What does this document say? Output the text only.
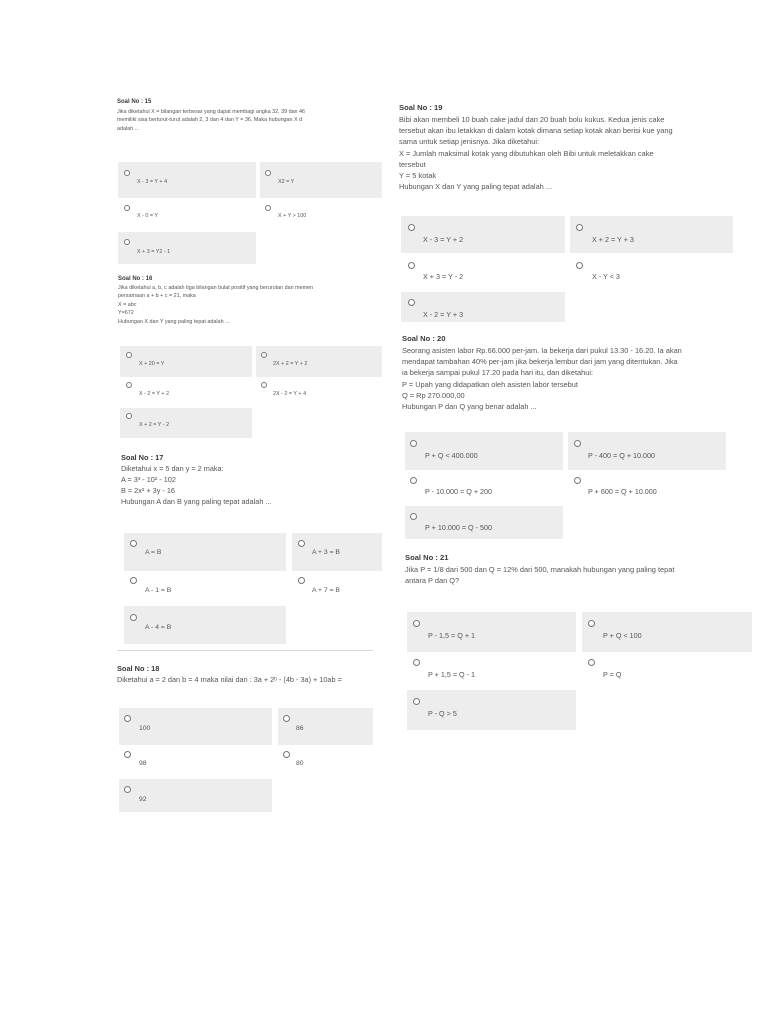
Soal No : 15
Jika diketahui X = bilangan terbesar yang dapat membagi angka 32, 39 dan 46
memiliki sisa berturut-turut adalah 2, 3 dan 4 dan Y = 36. Maka hubungan X d
adalah ...
X - 3 = Y + 4	X2 = Y
X - 0 = Y	X + Y > 100
X + 3 = Y2 - 1
Soal No : 16
Jika diketahui a, b, c adalah tiga bilangan bulat positif yang berurutan dan memen
persamaan a + b + c = 21, maka
X = abc
Y=672
Hubungan X dan Y yang paling tepat adalah ...
X + 20 = Y	2X + 2 = Y + 2
X - 2 = Y + 2	2X - 2 = Y + 4
X + 2 = Y - 2
Soal No : 17
Diketahui x = 5 dan y = 2 maka:
A = 3³ - 10² - 102
B = 2x² + 3y - 16
Hubungan A dan B yang paling tepat adalah ...
A = B	A + 3 = B
A - 1 = B	A + 7 = B
A - 4 = B
Soal No : 18
Diketahui a = 2 dan b = 4 maka nilai dari : 3a + 2ᵇ - (4b - 3a) + 10ab =
100	86
98	80
92
Soal No : 19
Bibi akan membeli 10 buah cake jadul dan 20 buah bolu kukus. Kedua jenis cake
tersebut akan ibu letakkan di dalam kotak dimana setiap kotak akan berisi kue yang
sama untuk setiap jenisnya. Jika diketahui:
X = Jumlah maksimal kotak yang dibutuhkan oleh Bibi untuk meletakkan cake
tersebut
Y = 5 kotak
Hubungan X dan Y yang paling tepat adalah ...
X - 3 = Y + 2	X + 2 = Y + 3
X + 3 = Y - 2	X - Y < 3
X - 2 = Y + 3
Soal No : 20
Seorang asisten labor Rp.66.000 per-jam. Ia bekerja dari pukul 13.30 - 16.20. Ia akan
mendapat tambahan 40% per-jam jika bekerja lembur dari jam yang ditentukan. Jika
ia bekerja sampai pukul 17.20 pada hari itu, dan diketahui:
P = Upah yang didapatkan oleh asisten labor tersebut
Q = Rp 270.000,00
Hubungan P dan Q yang benar adalah ...
P + Q < 400.000	P - 400 = Q + 10.000
P - 10.000 = Q + 200	P + 600 = Q + 10.000
P + 10.000 = Q - 500
Soal No : 21
Jika P = 1/8 dari 500 dan Q = 12% dari 500, manakah hubungan yang paling tepat
antara P dan Q?
P - 1,5 = Q + 1	P + Q < 100
P + 1,5 = Q - 1	P = Q
P - Q > 5
